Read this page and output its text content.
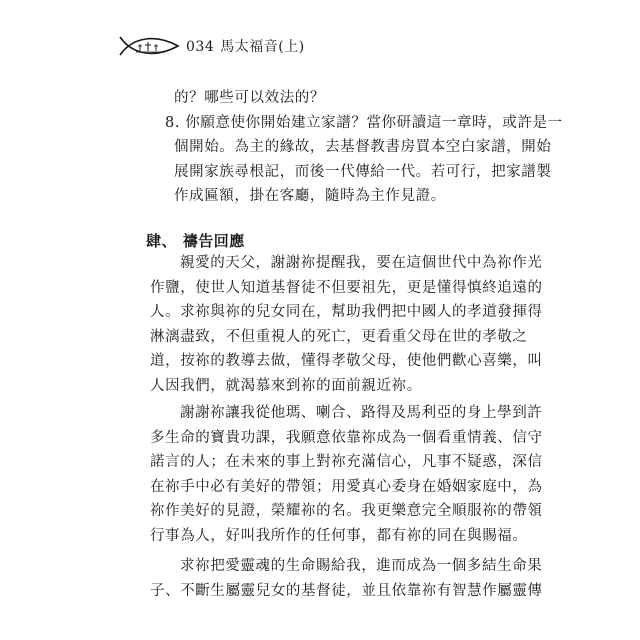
034 馬太福音(上)
的？哪些可以效法的？
8. 你願意使你開始建立家譜？當你研讀這一章時，或許是一
個開始。為主的緣故，去基督教書房買本空白家譜，開始
展開家族尋根記，而後一代傳給一代。若可行，把家譜製
作成匾額，掛在客廳，隨時為主作見證。
肆、 禱告回應
親愛的天父，謝謝祢提醒我，要在這個世代中為祢作光
作鹽，使世人知道基督徒不但要祖先，更是懂得慎終追遠的
人。求祢與祢的兒女同在，幫助我們把中國人的孝道發揮得
淋漓盡致，不但重視人的死亡，更看重父母在世的孝敬之
道，按祢的教導去做，懂得孝敬父母，使他們歡心喜樂，叫
人因我們，就渴慕來到祢的面前親近祢。
謝謝祢讓我從他瑪、喇合、路得及馬利亞的身上學到許
多生命的寶貴功課，我願意依靠祢成為一個看重情義、信守
諾言的人；在未來的事上對祢充滿信心，凡事不疑惑，深信
在祢手中必有美好的帶領；用愛真心委身在婚姻家庭中，為
祢作美好的見證，榮耀祢的名。我更樂意完全順服祢的帶領
行事為人，好叫我所作的任何事，都有祢的同在與賜福。
求祢把愛靈魂的生命賜給我，進而成為一個多結生命果
子、不斷生屬靈兒女的基督徒，並且依靠祢有智慧作屬靈傳
